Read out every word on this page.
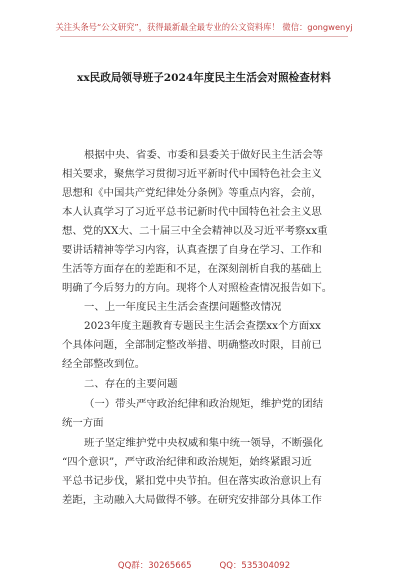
关注头条号“公文研究”，获得最新最全最专业的公文资料库！ 微信：gongwenyj
xx民政局领导班子2024年度民主生活会对照检查材料
根据中央、省委、市委和县委关于做好民主生活会等
相关要求，聚焦学习贯彻习近平新时代中国特色社会主义
思想和《中国共产党纪律处分条例》等重点内容，会前，
本人认真学习了习近平总书记新时代中国特色社会主义思
想、党的XX大、二十届三中全会精神以及习近平考察xx重
要讲话精神等学习内容，认真查摆了自身在学习、工作和
生活等方面存在的差距和不足，在深刻剖析自我的基础上
明确了今后努力的方向。现将个人对照检查情况报告如下。
一、上一年度民主生活会查摆问题整改情况
2023年度主题教育专题民主生活会查摆xx个方面xx
个具体问题，全部制定整改举措、明确整改时限，目前已
经全部整改到位。
二、存在的主要问题
（一）带头严守政治纪律和政治规矩，维护党的团结
统一方面
班子坚定维护党中央权威和集中统一领导，不断强化
“四个意识”，严守政治纪律和政治规矩，始终紧跟习近
平总书记步伐，紧扣党中央节拍。但在落实政治意识上有
差距，主动融入大局做得不够。在研究安排部分具体工作
QQ群：30265665	QQ：535304092
